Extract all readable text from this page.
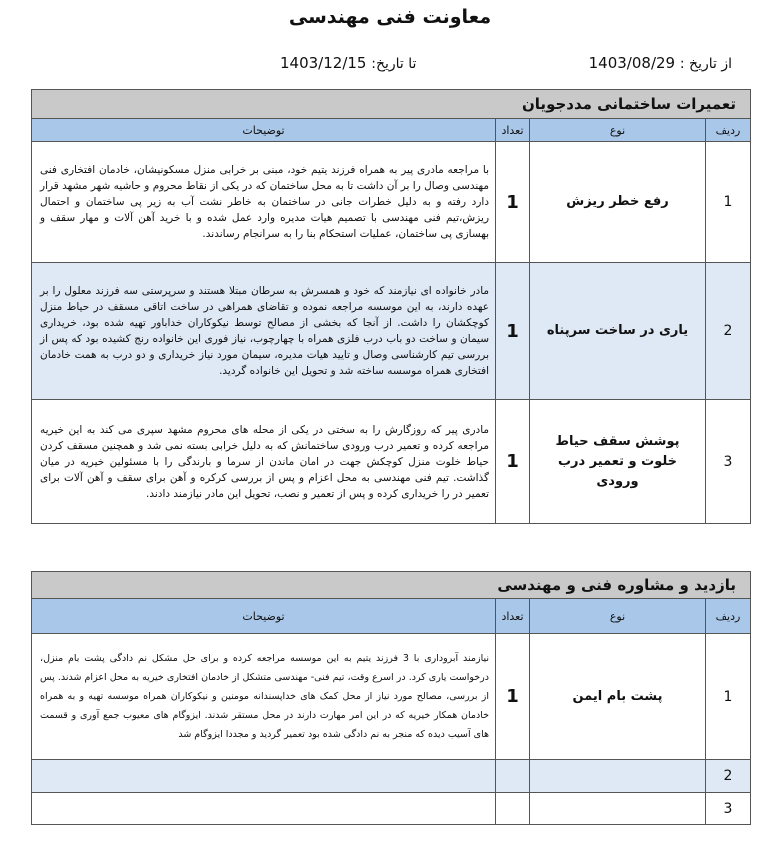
معاونت فنی مهندسی
از تاریخ : 1403/08/29
تا تاریخ: 1403/12/15
تعمیرات ساختمانی مددجویان			
ردیف	نوع	تعداد	توضیحات
1	رفع خطر ریزش	1	با مراجعه مادری پیر به همراه فرزند یتیم خود، مبنی بر خرابی منزل مسکونیشان، خادمان افتخاری فنی مهندسی وصال را بر آن داشت تا به محل ساختمان که در یکی از نقاط محروم و حاشیه شهر مشهد قرار دارد رفته و به دلیل خطرات جانی در ساختمان به خاطر نشت آب به زیر پی ساختمان و احتمال ریزش،تیم فنی مهندسی با تصمیم هیات مدیره وارد عمل شده و با خرید آهن آلات و مهار سقف و بهسازی پی ساختمان، عملیات استحکام بنا را به سرانجام رساندند.
2	یاری در ساخت سرپناه	1	مادر خانواده ای نیازمند که خود و همسرش به سرطان مبتلا هستند و سرپرستی سه فرزند معلول را بر عهده دارند، به این موسسه مراجعه نموده و تقاضای همراهی در ساخت اتاقی مسقف در حیاط منزل کوچکشان را داشت. از آنجا که بخشی از مصالح توسط نیکوکاران خداباور تهیه شده بود، خریداری سیمان و ساخت دو باب درب فلزی همراه با چهارچوب، نیاز فوری این خانواده رنج کشیده بود که پس از بررسی تیم کارشناسی وصال و تایید هیات مدیره، سیمان مورد نیاز خریداری و دو درب به همت خادمان افتخاری همراه موسسه ساخته شد و تحویل این خانواده گردید.
3	پوشش سقف حیاط خلوت و تعمیر درب ورودی	1	مادری پیر که روزگارش را به سختی در یکی از محله های محروم مشهد سپری می کند به این خیریه مراجعه کرده و تعمیر درب ورودی ساختمانش که به دلیل خرابی بسته نمی شد و همچنین مسقف کردن حیاط خلوت منزل کوچکش جهت در امان ماندن از سرما و بارندگی را با مسئولین خیریه در میان گذاشت. تیم فنی مهندسی به محل اعزام و پس از بررسی کرکره و آهن برای سقف و آهن آلات برای تعمیر در را خریداری کرده و پس از تعمیر و نصب، تحویل این مادر نیازمند دادند.
بازدید و مشاوره فنی و مهندسی			
ردیف	نوع	تعداد	توضیحات
1	پشت بام ایمن	1	نیازمند آبروداری با 3 فرزند یتیم به این موسسه مراجعه کرده و برای حل مشکل نم دادگی پشت بام منزل، درخواست یاری کرد. در اسرع وقت، تیم فنی- مهندسی متشکل از خادمان افتخاری خیریه به محل اعزام شدند. پس از بررسی، مصالح مورد نیاز از محل کمک های خداپسندانه مومنین و نیکوکاران همراه موسسه تهیه و به همراه خادمان همکار خیریه که در این امر مهارت دارند در محل مستقر شدند. ایزوگام های معیوب جمع آوری و قسمت های آسیب دیده که منجر به نم دادگی شده بود تعمیر گردید و مجددا ایزوگام شد
2			
3			
